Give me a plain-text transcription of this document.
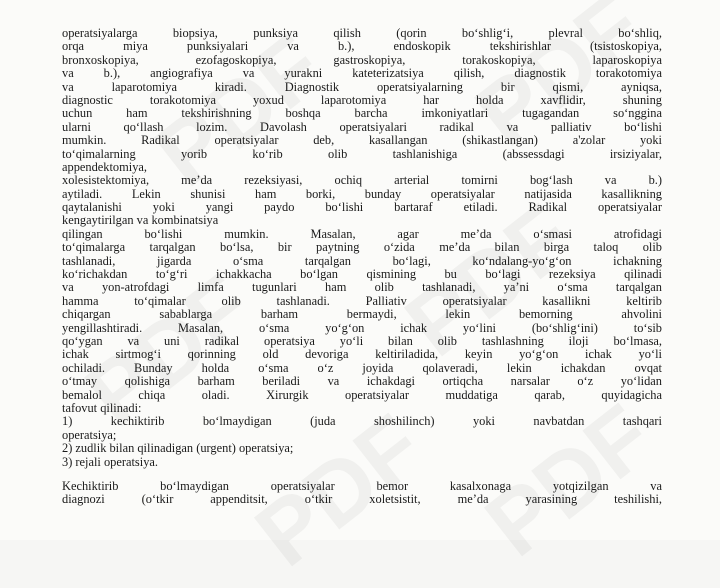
operatsiyalarga biopsiya, punksiya qilish (qorin bo‘shlig‘i, plevral bo‘shliq,
orqa miya punksiyalari va b.), endoskopik tekshirishlar (tsistoskopiya,
bronxoskopiya, ezofagoskopiya, gastroskopiya, torakoskopiya, laparoskopiya
va b.), angiografiya va yurakni kateterizatsiya qilish, diagnostik torakotomiya
va laparotomiya kiradi. Diagnostik operatsiyalarning bir qismi, ayniqsa,
diagnostic torakotomiya yoxud laparotomiya har holda xavflidir, shuning
uchun ham tekshirishning boshqa barcha imkoniyatlari tugagandan so‘nggina
ularni qo‘llash lozim. Davolash operatsiyalari radikal va palliativ bo‘lishi
mumkin. Radikal operatsiyalar deb, kasallangan (shikastlangan) a'zolar yoki
to‘qimalarning yorib ko‘rib olib tashlanishiga (abssessdagi irsiziyalar,
appendektomiya,
xolesistektomiya, me’da rezeksiyasi, ochiq arterial tomirni bog‘lash va b.)
aytiladi. Lekin shunisi ham borki, bunday operatsiyalar natijasida kasallikning
qaytalanishi yoki yangi paydo bo‘lishi bartaraf etiladi. Radikal operatsiyalar
kengaytirilgan va kombinatsiya
qilingan bo‘lishi mumkin. Masalan, agar me’da o‘smasi atrofidagi
to‘qimalarga tarqalgan bo‘lsa, bir paytning o‘zida me’da bilan birga taloq olib
tashlanadi, jigarda o‘sma tarqalgan bo‘lagi, ko‘ndalang-yo‘g‘on ichakning
ko‘richakdan to‘g‘ri ichakkacha bo‘lgan qismining bu bo‘lagi rezeksiya qilinadi
va yon-atrofdagi limfa tugunlari ham olib tashlanadi, ya’ni o‘sma tarqalgan
hamma to‘qimalar olib tashlanadi. Palliativ operatsiyalar kasallikni keltirib
chiqargan sabablarga barham bermaydi, lekin bemorning ahvolini
yengillashtiradi. Masalan, o‘sma yo‘g‘on ichak yo‘lini (bo‘shlig‘ini) to‘sib
qo‘ygan va uni radikal operatsiya yo‘li bilan olib tashlashning iloji bo‘lmasa,
ichak sirtmog‘i qorinning old devoriga keltiriladida, keyin yo‘g‘on ichak yo‘li
ochiladi. Bunday holda o‘sma o‘z joyida qolaveradi, lekin ichakdan ovqat
o‘tmay qolishiga barham beriladi va ichakdagi ortiqcha narsalar o‘z yo‘lidan
bemalol chiqa oladi. Xirurgik operatsiyalar muddatiga qarab, quyidagicha
tafovut qilinadi:
1) kechiktirib bo‘lmaydigan (juda shoshilinch) yoki navbatdan tashqari
operatsiya;
2) zudlik bilan qilinadigan (urgent) operatsiya;
3) rejali operatsiya.
Kechiktirib bo‘lmaydigan operatsiyalar bemor kasalxonaga yotqizilgan va
diagnozi (o‘tkir appenditsit, o‘tkir xoletsistit, me’da yarasining teshilishi,
